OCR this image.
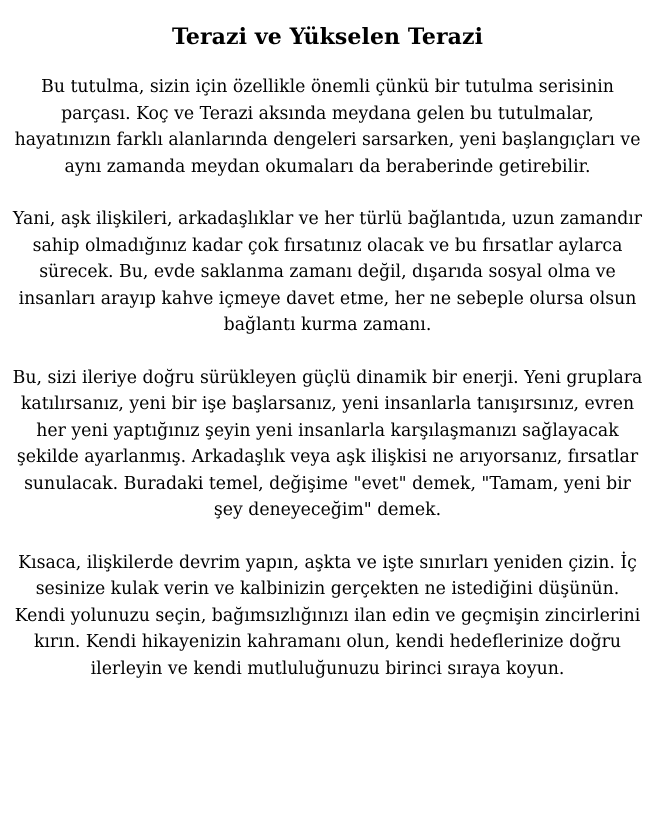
Terazi ve Yükselen Terazi

Bu tutulma, sizin için özellikle önemli çünkü bir tutulma serisinin parçası. Koç ve Terazi aksında meydana gelen bu tutulmalar, hayatınızın farklı alanlarında dengeleri sarsarken, yeni başlangıçları ve aynı zamanda meydan okumaları da beraberinde getirebilir.

Yani, aşk ilişkileri, arkadaşlıklar ve her türlü bağlantıda, uzun zamandır sahip olmadığınız kadar çok fırsatınız olacak ve bu fırsatlar aylarca sürecek. Bu, evde saklanma zamanı değil, dışarıda sosyal olma ve insanları arayıp kahve içmeye davet etme, her ne sebeple olursa olsun bağlantı kurma zamanı.

Bu, sizi ileriye doğru sürükleyen güçlü dinamik bir enerji. Yeni gruplara katılırsanız, yeni bir işe başlarsanız, yeni insanlarla tanışırsınız, evren her yeni yaptığınız şeyin yeni insanlarla karşılaşmanızı sağlayacak şekilde ayarlanmış. Arkadaşlık veya aşk ilişkisi ne arıyorsanız, fırsatlar sunulacak. Buradaki temel, değişime "evet" demek, "Tamam, yeni bir şey deneyeceğim" demek.

Kısaca, ilişkilerde devrim yapın, aşkta ve işte sınırları yeniden çizin. İç sesinize kulak verin ve kalbinizin gerçekten ne istediğini düşünün. Kendi yolunuzu seçin, bağımsızlığınızı ilan edin ve geçmişin zincirlerini kırın. Kendi hikayenizin kahramanı olun, kendi hedeflerinize doğru ilerleyin ve kendi mutluluğunuzu birinci sıraya koyun.
